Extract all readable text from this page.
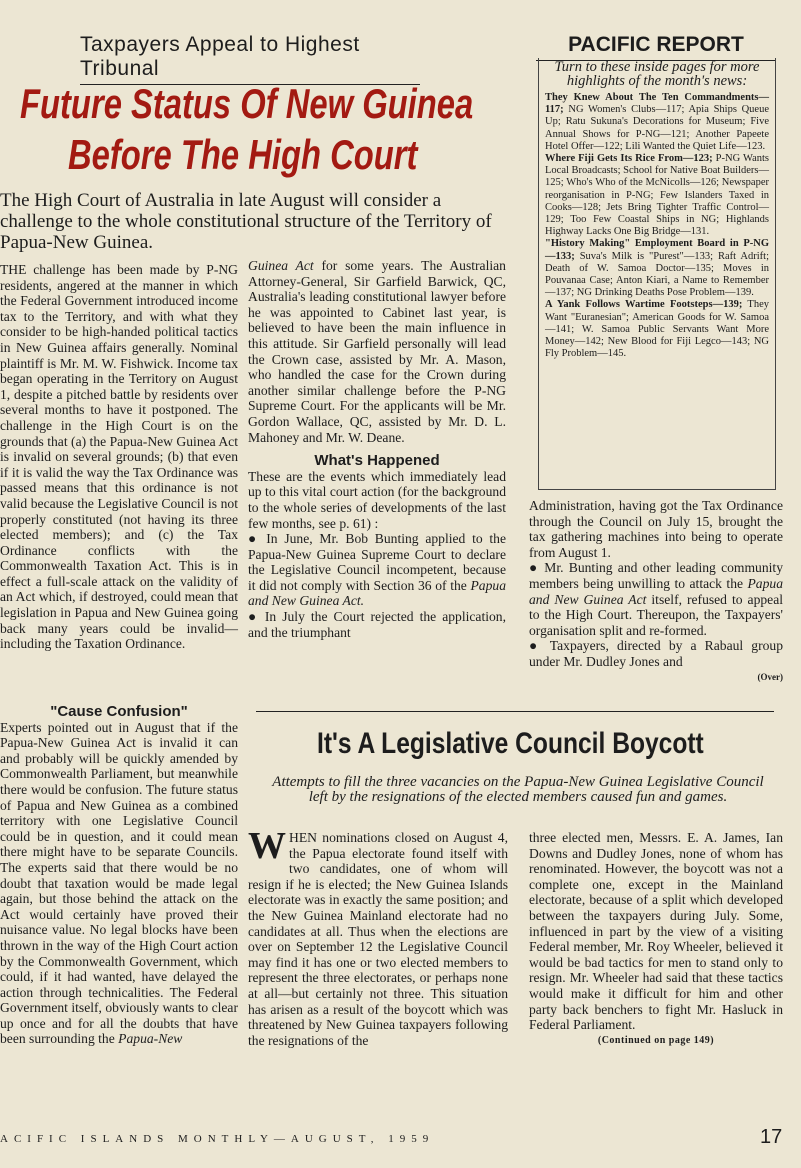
Taxpayers Appeal to Highest Tribunal
PACIFIC REPORT
Future Status Of New Guinea
Before The High Court

The High Court of Australia in late August will consider a challenge to the whole constitutional structure of the Territory of Papua-New Guinea.

THE challenge has been made by P-NG residents, angered at the manner in which the Federal Government introduced income tax to the Territory, and with what they consider to be high-handed political tactics in New Guinea affairs generally. Nominal plaintiff is Mr. M. W. Fishwick. Income tax began operating in the Territory on August 1, despite a pitched battle by residents over several months to have it postponed. The challenge in the High Court is on the grounds that (a) the Papua-New Guinea Act is invalid on several grounds; (b) that even if it is valid the way the Tax Ordinance was passed means that this ordinance is not valid because the Legislative Council is not properly constituted (not having its three elected members); and (c) the Tax Ordinance conflicts with the Commonwealth Taxation Act. This is in effect a full-scale attack on the validity of an Act which, if destroyed, could mean that legislation in Papua and New Guinea going back many years could be invalid—including the Taxation Ordinance.

"Cause Confusion"

Experts pointed out in August that if the Papua-New Guinea Act is invalid it can and probably will be quickly amended by Commonwealth Parliament, but meanwhile there would be confusion. The future status of Papua and New Guinea as a combined territory with one Legislative Council could be in question, and it could mean there might have to be separate Councils. The experts said that there would be no doubt that taxation would be made legal again, but those behind the attack on the Act would certainly have proved their nuisance value. No legal blocks have been thrown in the way of the High Court action by the Commonwealth Government, which could, if it had wanted, have delayed the action through technicalities. The Federal Government itself, obviously wants to clear up once and for all the doubts that have been surrounding the Papua-New

Guinea Act for some years. The Australian Attorney-General, Sir Garfield Barwick, QC, Australia's leading constitutional lawyer before he was appointed to Cabinet last year, is believed to have been the main influence in this attitude. Sir Garfield personally will lead the Crown case, assisted by Mr. A. Mason, who handled the case for the Crown during another similar challenge before the P-NG Supreme Court. For the applicants will be Mr. Gordon Wallace, QC, assisted by Mr. D. L. Mahoney and Mr. W. Deane.

What's Happened

These are the events which immediately lead up to this vital court action (for the background to the whole series of developments of the last few months, see p. 61) :

● In June, Mr. Bob Bunting applied to the Papua-New Guinea Supreme Court to declare the Legislative Council incompetent, because it did not comply with Section 36 of the Papua and New Guinea Act.

● In July the Court rejected the application, and the triumphant

Turn to these inside pages for more highlights of the month's news:

They Knew About The Ten Commandments—117; NG Women's Clubs—117; Apia Ships Queue Up; Ratu Sukuna's Decorations for Museum; Five Annual Shows for P-NG—121; Another Papeete Hotel Offer—122; Lili Wanted the Quiet Life—123.

Where Fiji Gets Its Rice From—123; P-NG Wants Local Broadcasts; School for Native Boat Builders—125; Who's Who of the McNicolls—126; Newspaper reorganisation in P-NG; Few Islanders Taxed in Cooks—128; Jets Bring Tighter Traffic Control—129; Too Few Coastal Ships in NG; Highlands Highway Lacks One Big Bridge—131.

"History Making" Employment Board in P-NG—133; Suva's Milk is "Purest"—133; Raft Adrift; Death of W. Samoa Doctor—135; Moves in Pouvanaa Case; Anton Kiari, a Name to Remember—137; NG Drinking Deaths Pose Problem—139.

A Yank Follows Wartime Footsteps—139; They Want "Euranesian"; American Goods for W. Samoa—141; W. Samoa Public Servants Want More Money—142; New Blood for Fiji Legco—143; NG Fly Problem—145.

Administration, having got the Tax Ordinance through the Council on July 15, brought the tax gathering machines into being to operate from August 1.

● Mr. Bunting and other leading community members being unwilling to attack the Papua and New Guinea Act itself, refused to appeal to the High Court. Thereupon, the Taxpayers' organisation split and re-formed.

● Taxpayers, directed by a Rabaul group under Mr. Dudley Jones and

(Over)

It's A Legislative Council Boycott
Attempts to fill the three vacancies on the Papua-New Guinea Legislative Council left by the resignations of the elected members caused fun and games.

WHEN nominations closed on August 4, the Papua electorate found itself with two candidates, one of whom will resign if he is elected; the New Guinea Islands electorate was in exactly the same position; and the New Guinea Mainland electorate had no candidates at all. Thus when the elections are over on September 12 the Legislative Council may find it has one or two elected members to represent the three electorates, or perhaps none at all—but certainly not three. This situation has arisen as a result of the boycott which was threatened by New Guinea taxpayers following the resignations of the

three elected men, Messrs. E. A. James, Ian Downs and Dudley Jones, none of whom has renominated. However, the boycott was not a complete one, except in the Mainland electorate, because of a split which developed between the taxpayers during July. Some, influenced in part by the view of a visiting Federal member, Mr. Roy Wheeler, believed it would be bad tactics for men to stand only to resign. Mr. Wheeler had said that these tactics would make it difficult for him and other party back benchers to fight Mr. Hasluck in Federal Parliament.

(Continued on page 149)

ACIFIC ISLANDS MONTHLY—AUGUST, 1959	17
